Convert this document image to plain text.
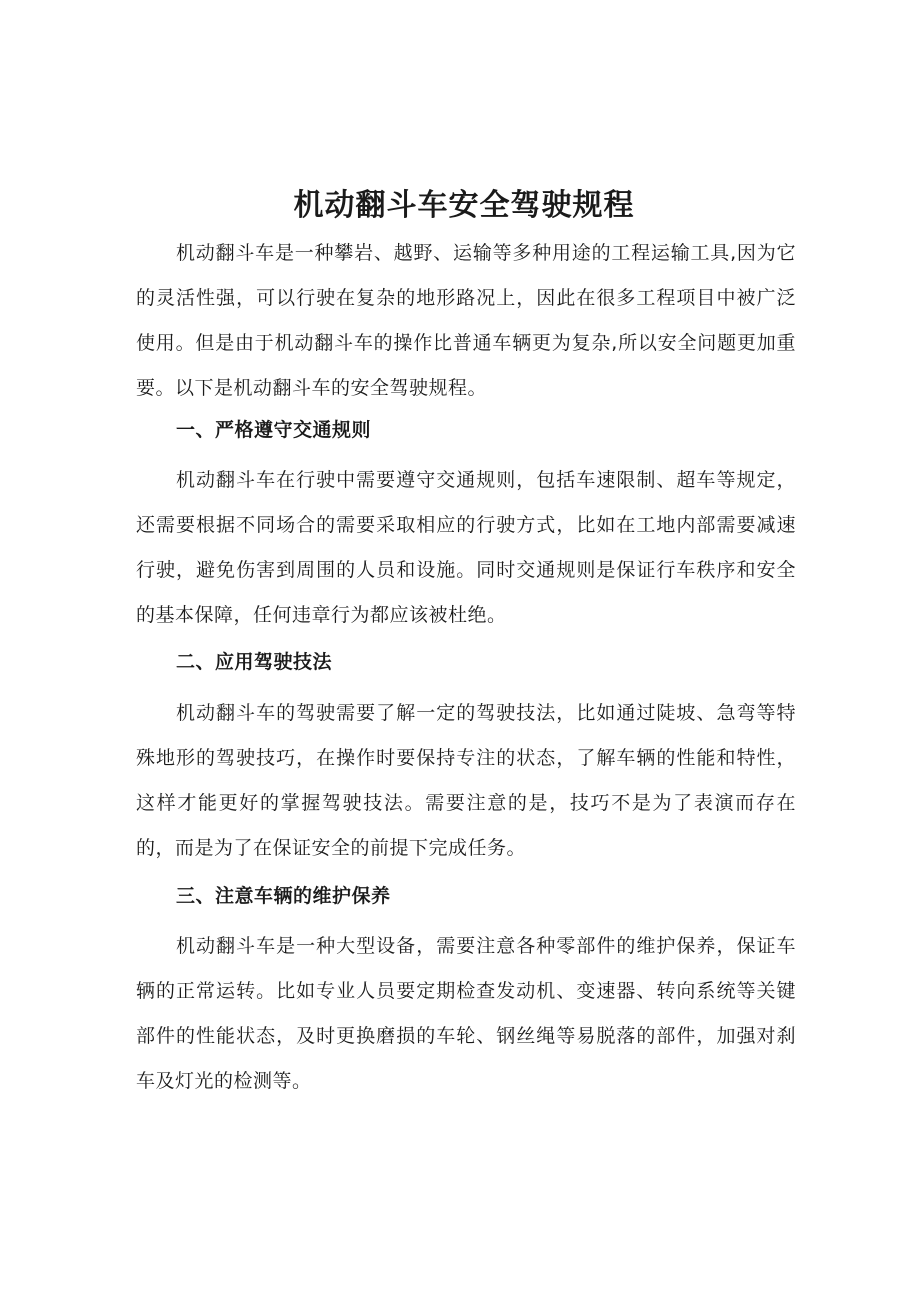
机动翻斗车安全驾驶规程

机动翻斗车是一种攀岩、越野、运输等多种用途的工程运输工具,因为它的灵活性强，可以行驶在复杂的地形路况上，因此在很多工程项目中被广泛使用。但是由于机动翻斗车的操作比普通车辆更为复杂,所以安全问题更加重要。以下是机动翻斗车的安全驾驶规程。

一、严格遵守交通规则

机动翻斗车在行驶中需要遵守交通规则，包括车速限制、超车等规定，还需要根据不同场合的需要采取相应的行驶方式，比如在工地内部需要减速行驶，避免伤害到周围的人员和设施。同时交通规则是保证行车秩序和安全的基本保障，任何违章行为都应该被杜绝。

二、应用驾驶技法

机动翻斗车的驾驶需要了解一定的驾驶技法，比如通过陡坡、急弯等特殊地形的驾驶技巧，在操作时要保持专注的状态，了解车辆的性能和特性，这样才能更好的掌握驾驶技法。需要注意的是，技巧不是为了表演而存在的，而是为了在保证安全的前提下完成任务。

三、注意车辆的维护保养

机动翻斗车是一种大型设备，需要注意各种零部件的维护保养，保证车辆的正常运转。比如专业人员要定期检查发动机、变速器、转向系统等关键部件的性能状态，及时更换磨损的车轮、钢丝绳等易脱落的部件，加强对刹车及灯光的检测等。
